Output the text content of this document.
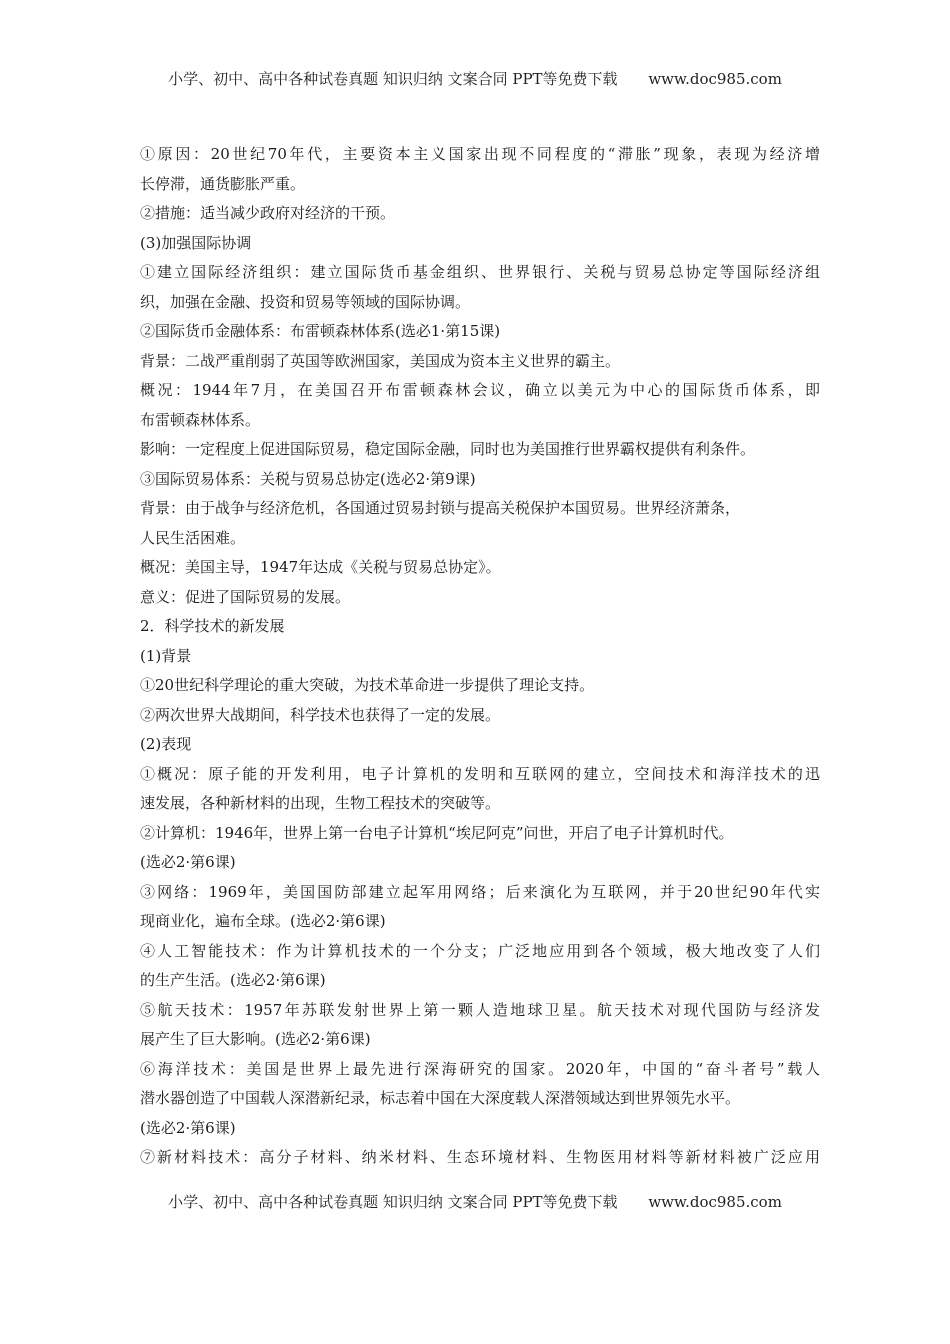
小学、初中、高中各种试卷真题 知识归纳 文案合同 PPT等免费下载 www.doc985.com
①原因：20世纪70年代，主要资本主义国家出现不同程度的“滞胀”现象，表现为经济增
长停滞，通货膨胀严重。
②措施：适当减少政府对经济的干预。
(3)加强国际协调
①建立国际经济组织：建立国际货币基金组织、世界银行、关税与贸易总协定等国际经济组
织，加强在金融、投资和贸易等领域的国际协调。
②国际货币金融体系：布雷顿森林体系(选必1·第15课)
背景：二战严重削弱了英国等欧洲国家，美国成为资本主义世界的霸主。
概况：1944年7月，在美国召开布雷顿森林会议，确立以美元为中心的国际货币体系，即
布雷顿森林体系。
影响：一定程度上促进国际贸易，稳定国际金融，同时也为美国推行世界霸权提供有利条件。
③国际贸易体系：关税与贸易总协定(选必2·第9课)
背景：由于战争与经济危机，各国通过贸易封锁与提高关税保护本国贸易。世界经济萧条，
人民生活困难。
概况：美国主导，1947年达成《关税与贸易总协定》。
意义：促进了国际贸易的发展。
2．科学技术的新发展
(1)背景
①20世纪科学理论的重大突破，为技术革命进一步提供了理论支持。
②两次世界大战期间，科学技术也获得了一定的发展。
(2)表现
①概况：原子能的开发利用，电子计算机的发明和互联网的建立，空间技术和海洋技术的迅
速发展，各种新材料的出现，生物工程技术的突破等。
②计算机：1946年，世界上第一台电子计算机“埃尼阿克”问世，开启了电子计算机时代。
(选必2·第6课)
③网络：1969年，美国国防部建立起军用网络；后来演化为互联网，并于20世纪90年代实
现商业化，遍布全球。(选必2·第6课)
④人工智能技术：作为计算机技术的一个分支；广泛地应用到各个领域，极大地改变了人们
的生产生活。(选必2·第6课)
⑤航天技术：1957年苏联发射世界上第一颗人造地球卫星。航天技术对现代国防与经济发
展产生了巨大影响。(选必2·第6课)
⑥海洋技术：美国是世界上最先进行深海研究的国家。2020年，中国的“奋斗者号”载人
潜水器创造了中国载人深潜新纪录，标志着中国在大深度载人深潜领域达到世界领先水平。
(选必2·第6课)
⑦新材料技术：高分子材料、纳米材料、生态环境材料、生物医用材料等新材料被广泛应用
小学、初中、高中各种试卷真题 知识归纳 文案合同 PPT等免费下载 www.doc985.com
